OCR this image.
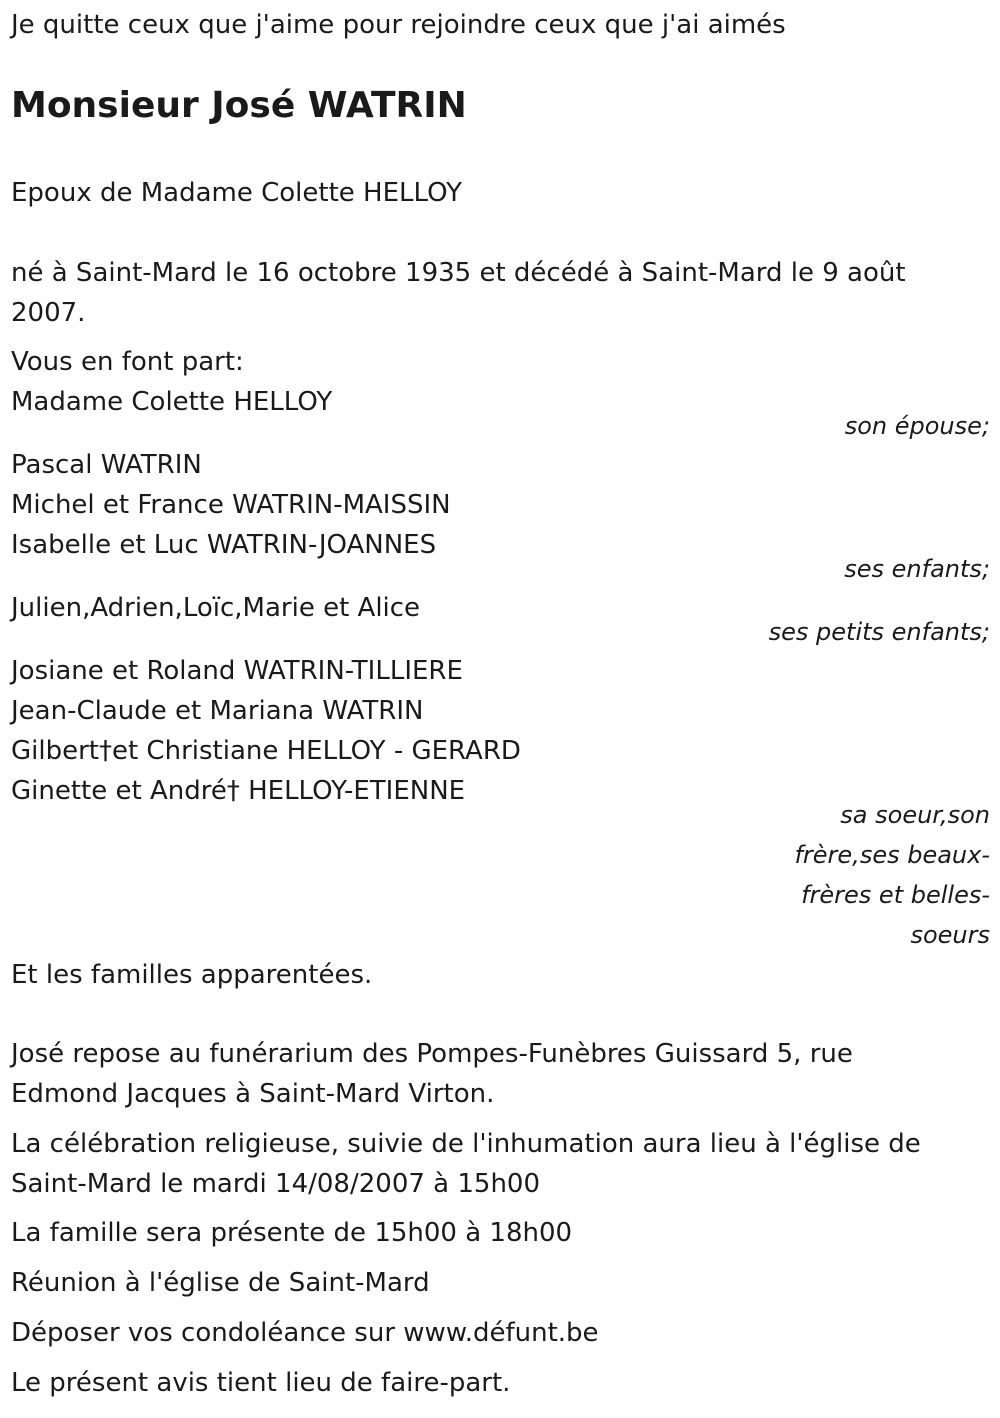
Je quitte ceux que j'aime pour rejoindre ceux que j'ai aimés
Monsieur José WATRIN
Epoux de Madame Colette HELLOY
né à Saint-Mard le 16 octobre 1935 et décédé à Saint-Mard le 9 août
2007.
Vous en font part:
Madame Colette HELLOY
son épouse;
Pascal WATRIN
Michel et France WATRIN-MAISSIN
Isabelle et Luc WATRIN-JOANNES
ses enfants;
Julien,Adrien,Loïc,Marie et Alice
ses petits enfants;
Josiane et Roland WATRIN-TILLIERE
Jean-Claude et Mariana WATRIN
Gilbert†et Christiane HELLOY - GERARD
Ginette et André† HELLOY-ETIENNE
sa soeur,son
frère,ses beaux-
frères et belles-
soeurs
Et les familles apparentées.
José repose au funérarium des Pompes-Funèbres Guissard 5, rue
Edmond Jacques à Saint-Mard Virton.
La célébration religieuse, suivie de l'inhumation aura lieu à l'église de
Saint-Mard le mardi 14/08/2007 à 15h00
La famille sera présente de 15h00 à 18h00
Réunion à l'église de Saint-Mard
Déposer vos condoléance sur www.défunt.be
Le présent avis tient lieu de faire-part.
